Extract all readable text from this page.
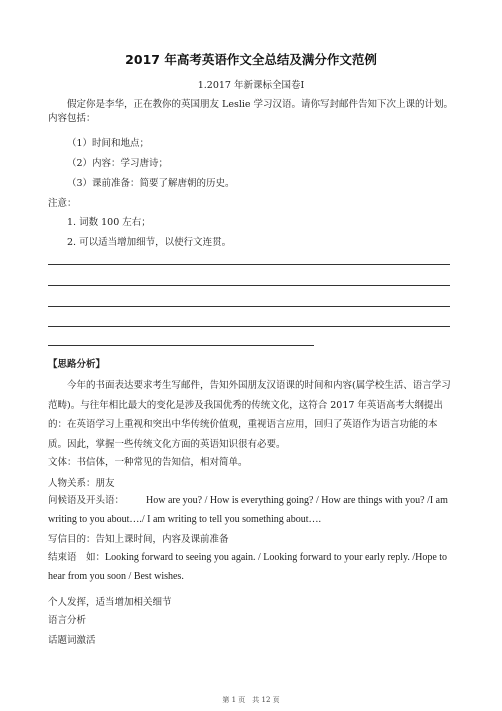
2017 年高考英语作文全总结及满分作文范例
1.2017 年新课标全国卷Ⅰ
假定你是李华，正在教你的英国朋友 Leslie 学习汉语。请你写封邮件告知下次上课的计划。内容包括：
（1）时间和地点；
（2）内容：学习唐诗；
（3）课前准备：简要了解唐朝的历史。
注意：
1. 词数 100 左右；
2. 可以适当增加细节，以使行文连贯。
【思路分析】
今年的书面表达要求考生写邮件，告知外国朋友汉语课的时间和内容(属学校生活、语言学习范畴)。与往年相比最大的变化是涉及我国优秀的传统文化，这符合 2017 年英语高考大纲提出的：在英语学习上重视和突出中华传统价值观，重视语言应用，回归了英语作为语言功能的本质。因此，掌握一些传统文化方面的英语知识很有必要。
文体：书信体，一种常见的告知信，相对简单。
人物关系：朋友
问候语及开头语： How are you? / How is everything going? / How are things with you? /I am writing to you about…./ I am writing to tell you something about….
写信目的：告知上课时间，内容及课前准备
结束语　如：Looking forward to seeing you again. / Looking forward to your early reply. /Hope to hear from you soon / Best wishes.
个人发挥，适当增加相关细节
语言分析
话题词激活
第 1 页　共 12 页
